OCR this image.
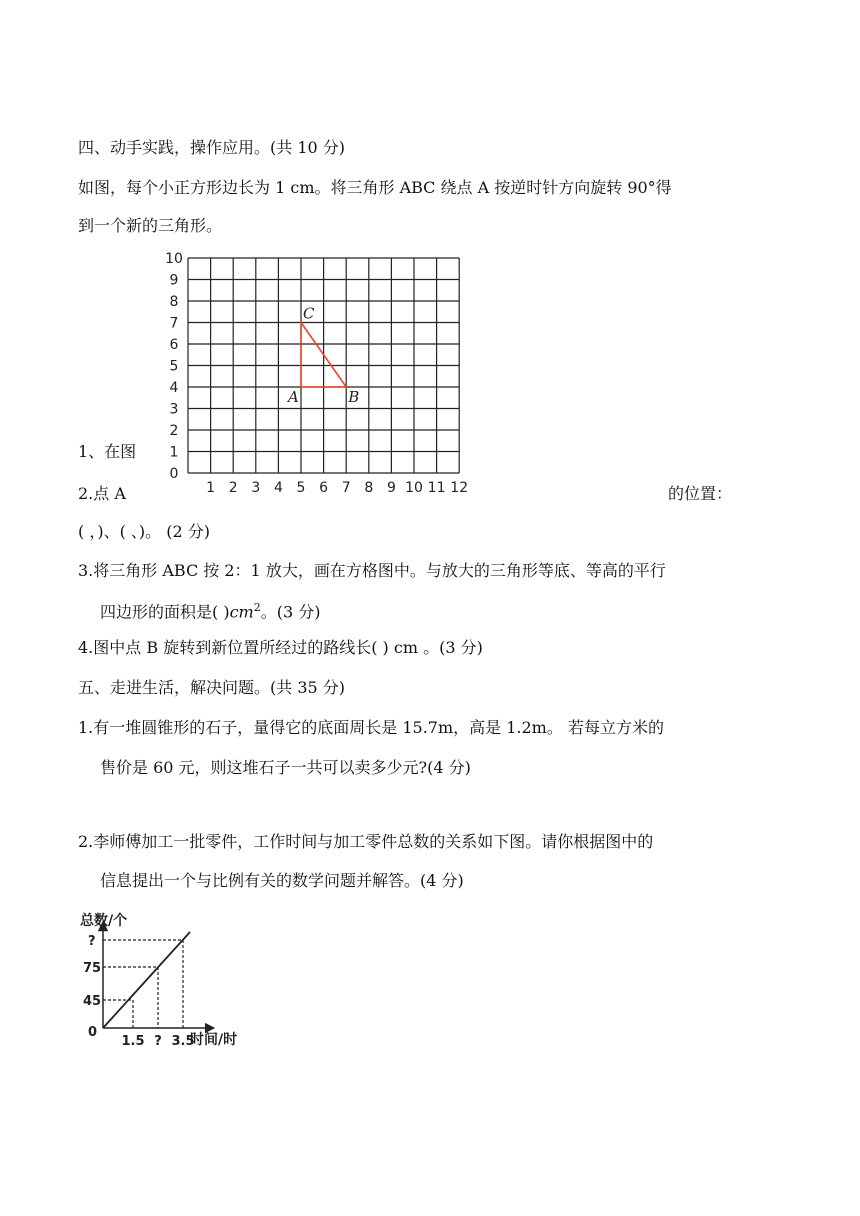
四、动手实践，操作应用。(共 10 分)
如图，每个小正方形边长为 1 cm。将三角形 ABC 绕点 A 按逆时针方向旋转 90°得
到一个新的三角形。
1 2 3 4 5 6 7 8 9 10 11 12
0
1
2
3
4
5
6
7
8
9
10
A	B
C
1、在图
2.点 A	的位置：
( ，)、( 、)。 (2 分)
3.将三角形 ABC 按 2：1 放大，画在方格图中。与放大的三角形等底、等高的平行
四边形的面积是( )$cm^2$。(3 分)
4.图中点 B 旋转到新位置所经过的路线长( ) cm 。(3 分)
五、走进生活，解决问题。(共 35 分)
1.有一堆圆锥形的石子，量得它的底面周长是 15.7m，高是 1.2m。 若每立方米的
售价是 60 元，则这堆石子一共可以卖多少元?(4 分)
2.李师傅加工一批零件，工作时间与加工零件总数的关系如下图。请你根据图中的
信息提出一个与比例有关的数学问题并解答。(4 分)
总数/个
时间/时
0
45
75
?
1.5 ? 3.5
